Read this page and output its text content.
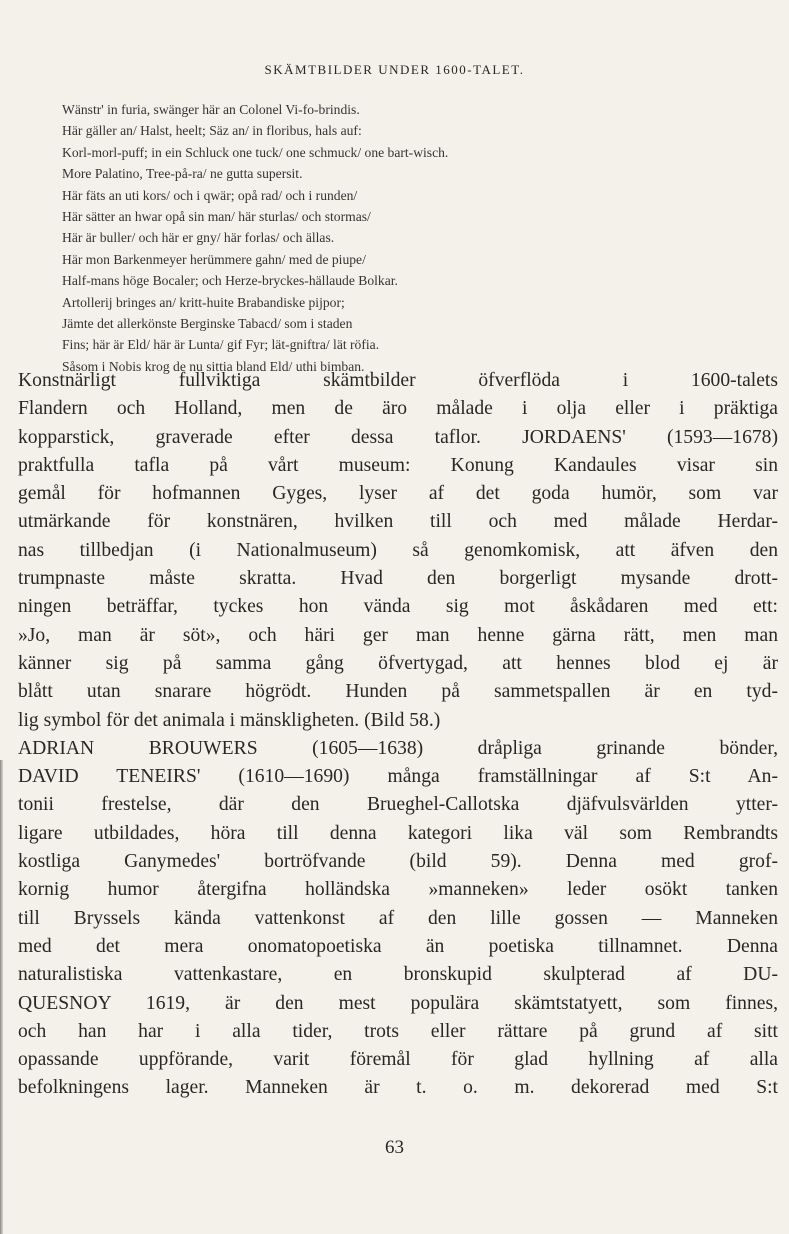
SKÄMTBILDER UNDER 1600-TALET.
Wänstr' in furia, swänger här an Colonel Vi-fo-brindis.
Här gäller an/ Halst, heelt; Säz an/ in floribus, hals auf:
Korl-morl-puff; in ein Schluck one tuck/ one schmuck/ one bart-wisch.
More Palatino, Tree-på-ra/ ne gutta supersit.
Här fäts an uti kors/ och i qwär; opå rad/ och i runden/
Här sätter an hwar opå sin man/ här sturlas/ och stormas/
Här är buller/ och här er gny/ här forlas/ och ällas.
Här mon Barkenmeyer herümmere gahn/ med de piupe/
Half-mans höge Bocaler; och Herze-bryckes-hällaude Bolkar.
Artollerij bringes an/ kritt-huite Brabandiske pijpor;
Jämte det allerkönste Berginske Tabacd/ som i staden
Fins; här är Eld/ här är Lunta/ gif Fyr; lät-gniftra/ lät röfia.
Såsom i Nobis krog de nu sittia bland Eld/ uthi bimban.
Konstnärligt fullviktiga skämtbilder öfverflöda i 1600-talets
Flandern och Holland, men de äro målade i olja eller i präktiga
kopparstick, graverade efter dessa taflor. JORDAENS' (1593—1678)
praktfulla tafla på vårt museum: Konung Kandaules visar sin
gemål för hofmannen Gyges, lyser af det goda humör, som var
utmärkande för konstnären, hvilken till och med målade Herdar-
nas tillbedjan (i Nationalmuseum) så genomkomisk, att äfven den
trumpnaste måste skratta. Hvad den borgerligt mysande drott-
ningen beträffar, tyckes hon vända sig mot åskådaren med ett:
»Jo, man är söt», och häri ger man henne gärna rätt, men man
känner sig på samma gång öfvertygad, att hennes blod ej är
blått utan snarare högrödt. Hunden på sammetspallen är en tyd-
lig symbol för det animala i mänskligheten. (Bild 58.)
ADRIAN BROUWERS (1605—1638) dråpliga grinande bönder,
DAVID TENEIRS' (1610—1690) många framställningar af S:t An-
tonii frestelse, där den Brueghel-Callotska djäfvulsvärlden ytter-
ligare utbildades, höra till denna kategori lika väl som Rembrandts
kostliga Ganymedes' bortröfvande (bild 59). Denna med grof-
kornig humor återgifna holländska »manneken» leder osökt tanken
till Bryssels kända vattenkonst af den lille gossen — Manneken
med det mera onomatopoetiska än poetiska tillnamnet. Denna
naturalistiska vattenkastare, en bronskupid skulpterad af DU-
QUESNOY 1619, är den mest populära skämtstatyett, som finnes,
och han har i alla tider, trots eller rättare på grund af sitt
opassande uppförande, varit föremål för glad hyllning af alla
befolkningens lager. Manneken är t. o. m. dekorerad med S:t
63
